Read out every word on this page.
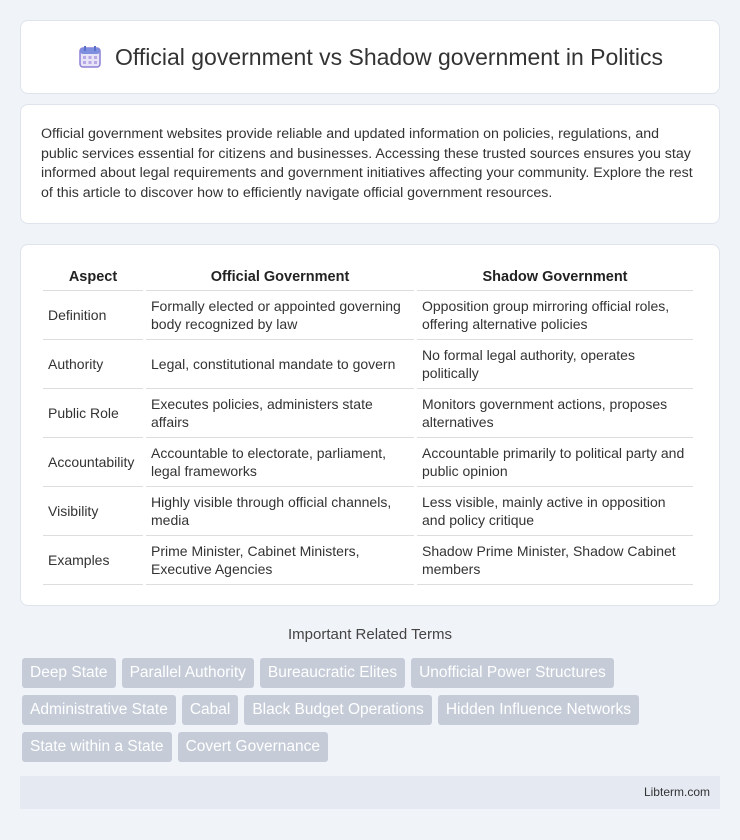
Official government vs Shadow government in Politics

Official government websites provide reliable and updated information on policies, regulations, and public services essential for citizens and businesses. Accessing these trusted sources ensures you stay informed about legal requirements and government initiatives affecting your community. Explore the rest of this article to discover how to efficiently navigate official government resources.

Aspect	Official Government	Shadow Government
Definition	Formally elected or appointed governing body recognized by law	Opposition group mirroring official roles, offering alternative policies
Authority	Legal, constitutional mandate to govern	No formal legal authority, operates politically
Public Role	Executes policies, administers state affairs	Monitors government actions, proposes alternatives
Accountability	Accountable to electorate, parliament, legal frameworks	Accountable primarily to political party and public opinion
Visibility	Highly visible through official channels, media	Less visible, mainly active in opposition and policy critique
Examples	Prime Minister, Cabinet Ministers, Executive Agencies	Shadow Prime Minister, Shadow Cabinet members
Important Related Terms
Deep State	Parallel Authority	Bureaucratic Elites	Unofficial Power Structures
Administrative State	Cabal	Black Budget Operations	Hidden Influence Networks
State within a State	Covert Governance
Libterm.com
